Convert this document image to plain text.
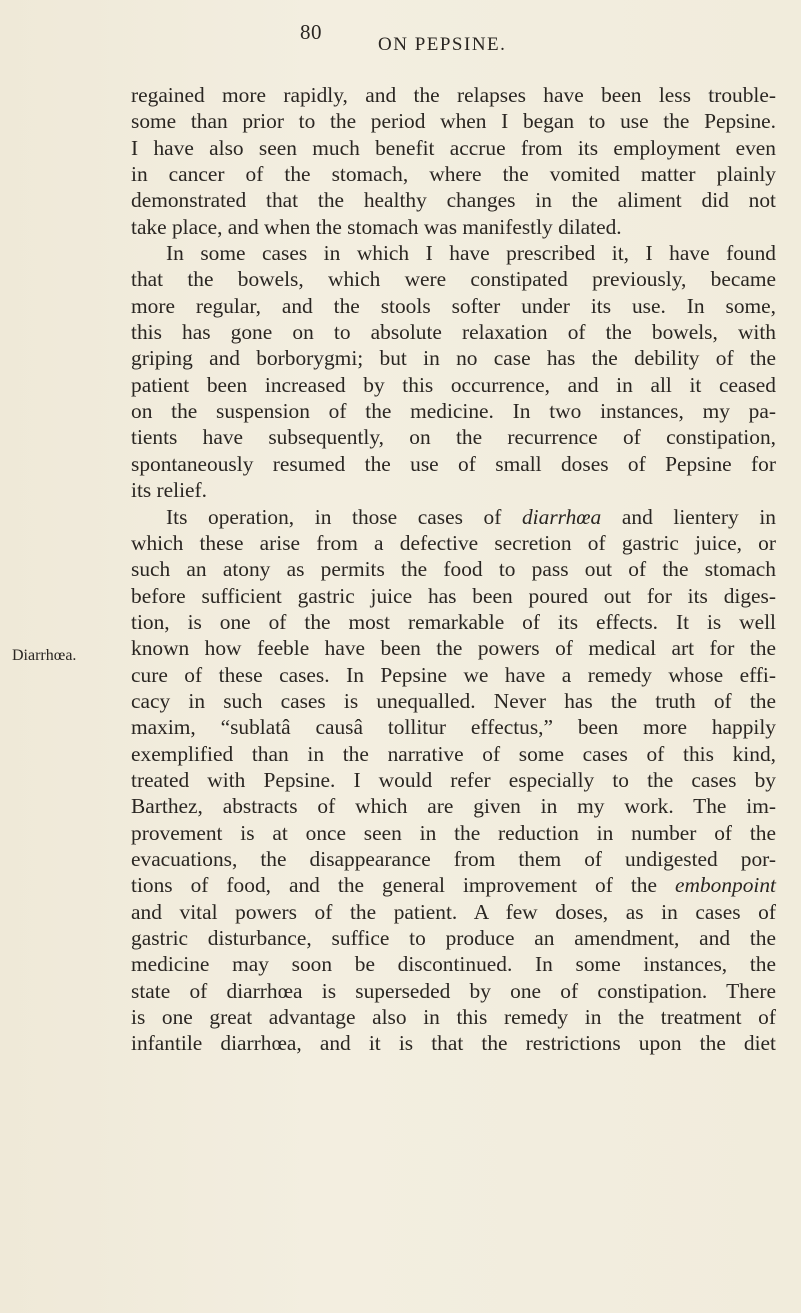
80
ON PEPSINE.
Diarrhœa.
regained more rapidly, and the relapses have been less trouble-
some than prior to the period when I began to use the Pepsine.
I have also seen much benefit accrue from its employment even
in cancer of the stomach, where the vomited matter plainly
demonstrated that the healthy changes in the aliment did not
take place, and when the stomach was manifestly dilated.
In some cases in which I have prescribed it, I have found
that the bowels, which were constipated previously, became
more regular, and the stools softer under its use. In some,
this has gone on to absolute relaxation of the bowels, with
griping and borborygmi; but in no case has the debility of the
patient been increased by this occurrence, and in all it ceased
on the suspension of the medicine. In two instances, my pa-
tients have subsequently, on the recurrence of constipation,
spontaneously resumed the use of small doses of Pepsine for
its relief.
Its operation, in those cases of diarrhœa and lientery in
which these arise from a defective secretion of gastric juice, or
such an atony as permits the food to pass out of the stomach
before sufficient gastric juice has been poured out for its diges-
tion, is one of the most remarkable of its effects. It is well
known how feeble have been the powers of medical art for the
cure of these cases. In Pepsine we have a remedy whose effi-
cacy in such cases is unequalled. Never has the truth of the
maxim, “sublatâ causâ tollitur effectus,” been more happily
exemplified than in the narrative of some cases of this kind,
treated with Pepsine. I would refer especially to the cases by
Barthez, abstracts of which are given in my work. The im-
provement is at once seen in the reduction in number of the
evacuations, the disappearance from them of undigested por-
tions of food, and the general improvement of the embonpoint
and vital powers of the patient. A few doses, as in cases of
gastric disturbance, suffice to produce an amendment, and the
medicine may soon be discontinued. In some instances, the
state of diarrhœa is superseded by one of constipation. There
is one great advantage also in this remedy in the treatment of
infantile diarrhœa, and it is that the restrictions upon the diet
